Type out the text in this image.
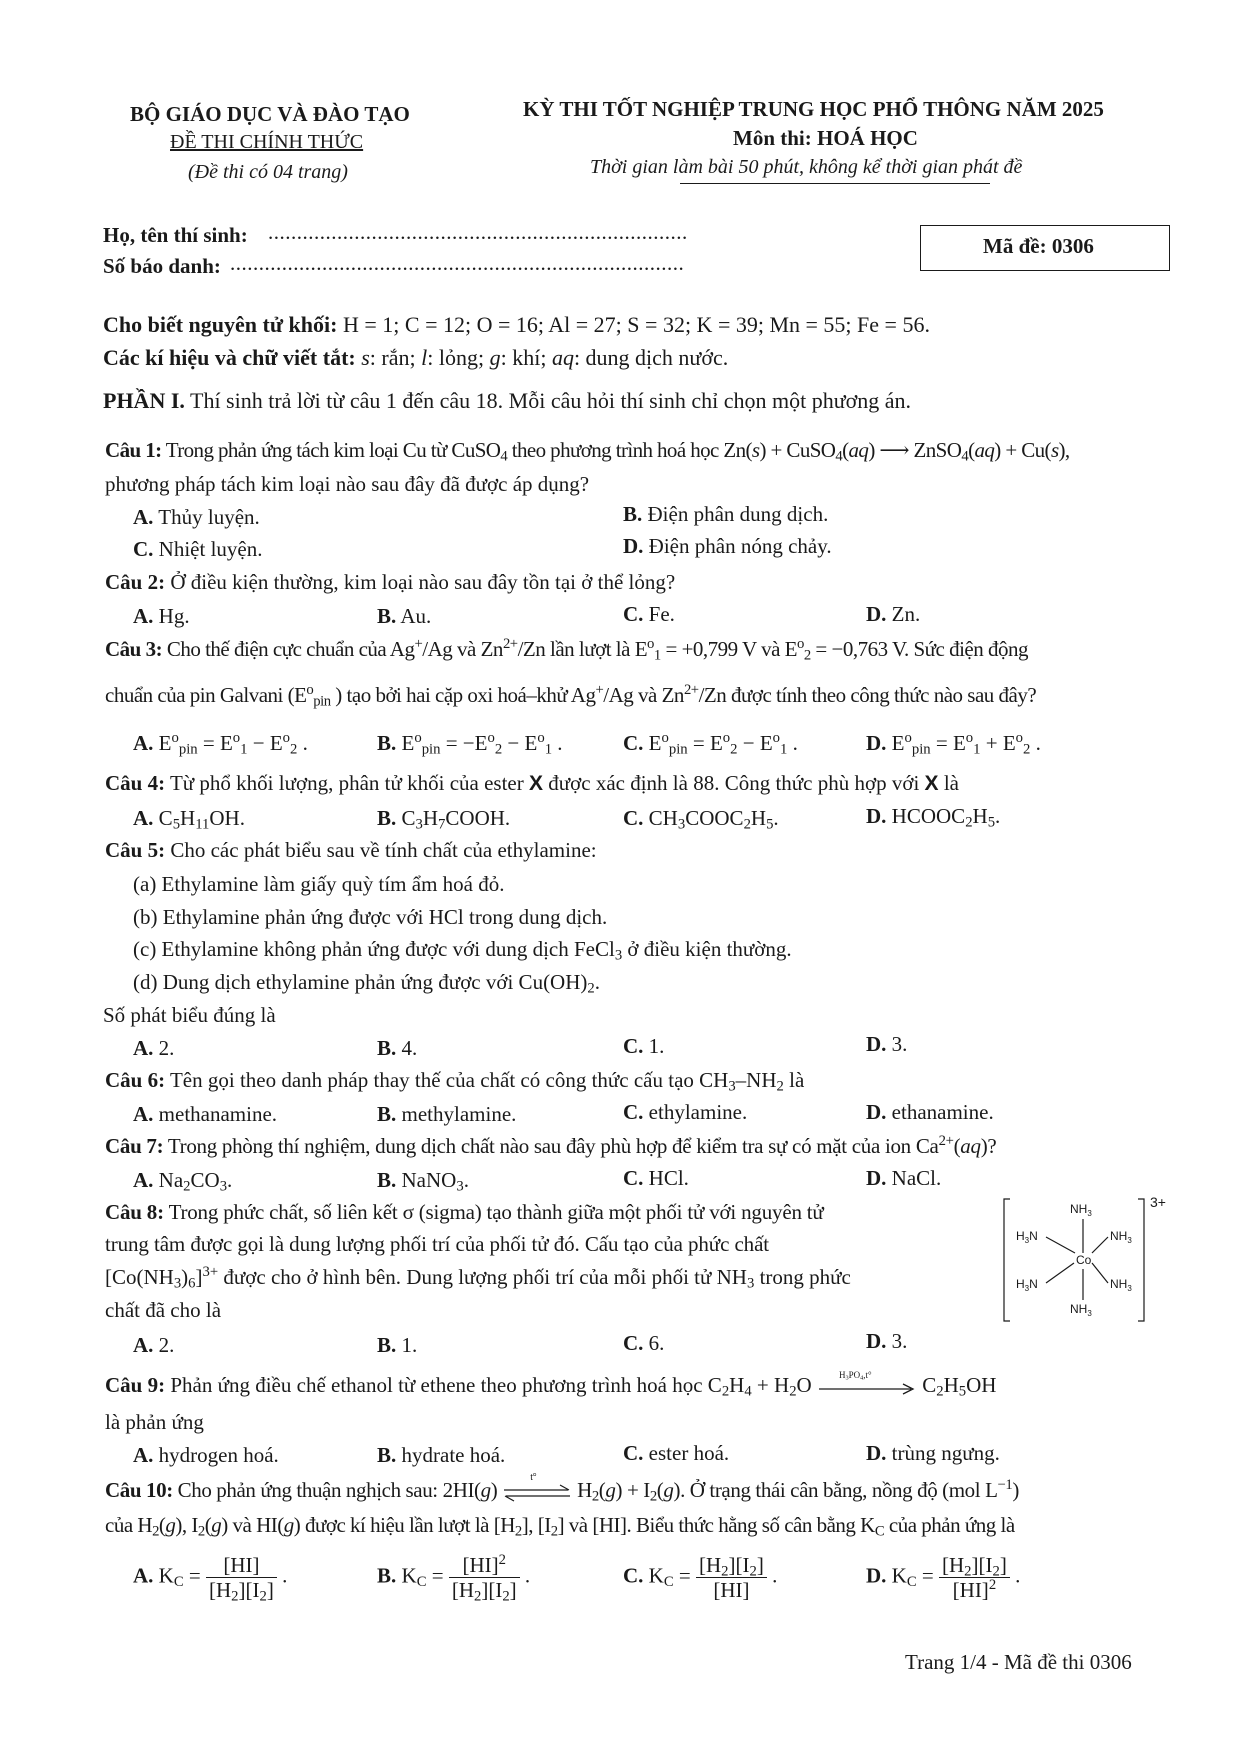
BỘ GIÁO DỤC VÀ ĐÀO TẠO
ĐỀ THI CHÍNH THỨC
(Đề thi có 04 trang)
KỲ THI TỐT NGHIỆP TRUNG HỌC PHỔ THÔNG NĂM 2025
Môn thi: HOÁ HỌC
Thời gian làm bài 50 phút, không kể thời gian phát đề
Họ, tên thí sinh: .........................................................................
Số báo danh: ...............................................................................
Mã đề: 0306
Cho biết nguyên tử khối: H = 1; C = 12; O = 16; Al = 27; S = 32; K = 39; Mn = 55; Fe = 56.
Các kí hiệu và chữ viết tắt: s: rắn; l: lỏng; g: khí; aq: dung dịch nước.
PHẦN I. Thí sinh trả lời từ câu 1 đến câu 18. Mỗi câu hỏi thí sinh chỉ chọn một phương án.
Câu 1: Trong phản ứng tách kim loại Cu từ CuSO$_4$ theo phương trình hoá học Zn(s) + CuSO$_4$(aq) ⟶ ZnSO$_4$(aq) + Cu(s),
phương pháp tách kim loại nào sau đây đã được áp dụng?
A. Thủy luyện.	B. Điện phân dung dịch.
C. Nhiệt luyện.	D. Điện phân nóng chảy.
Câu 2: Ở điều kiện thường, kim loại nào sau đây tồn tại ở thể lỏng?
A. Hg.	B. Au.	C. Fe.	D. Zn.
Câu 3: Cho thế điện cực chuẩn của Ag+/Ag và $Zn^{2+}/Zn$ lần lượt là $E^o_1 = +0,799$ V và $E^o_2 = -0,763$ V. Sức điện động
chuẩn của pin Galvani ($E^o_{pin}$ ) tạo bởi hai cặp oxi hoá–khử Ag+/Ag và $Zn^{2+}/Zn$ được tính theo công thức nào sau đây?
A. $E^o_{pin} = E^o_1 - E^o_2$ .	B. $E^o_{pin} = -E^o_2 - E^o_1$ .	C. $E^o_{pin} = E^o_2 - E^o_1$ .	D. $E^o_{pin} = E^o_1 + E^o_2$ .
Câu 4: Từ phổ khối lượng, phân tử khối của ester X được xác định là 88. Công thức phù hợp với X là
A. $C_5H_{11}OH$.	B. $C_3H_7COOH$.	C. $CH_3COOC_2H_5$.	D. $HCOOC_2H_5$.
Câu 5: Cho các phát biểu sau về tính chất của ethylamine:
(a) Ethylamine làm giấy quỳ tím ẩm hoá đỏ.
(b) Ethylamine phản ứng được với HCl trong dung dịch.
(c) Ethylamine không phản ứng được với dung dịch FeCl$_3$ ở điều kiện thường.
(d) Dung dịch ethylamine phản ứng được với $Cu(OH)_2$.
Số phát biểu đúng là
A. 2.	B. 4.	C. 1.	D. 3.
Câu 6: Tên gọi theo danh pháp thay thế của chất có công thức cấu tạo $CH_3-NH_2$ là
A. methanamine.	B. methylamine.	C. ethylamine.	D. ethanamine.
Câu 7: Trong phòng thí nghiệm, dung dịch chất nào sau đây phù hợp để kiểm tra sự có mặt của ion $Ca^{2+}(aq)$?
A. $Na_2CO_3$.	B. NaNO$_3$.	C. HCl.	D. NaCl.
Câu 8: Trong phức chất, số liên kết σ (sigma) tạo thành giữa một phối tử với nguyên tử
trung tâm được gọi là dung lượng phối trí của phối tử đó. Cấu tạo của phức chất
$[Co(NH_3)_6]^{3+}$ được cho ở hình bên. Dung lượng phối trí của mỗi phối tử $NH_3$ trong phức
chất đã cho là
$NH_3$
$H_3N$	$NH_3$
Co
$H_3N$	$NH_3$
$NH_3$
3+
A. 2.	B. 1.	C. 6.	D. 3.
Câu 9: Phản ứng điều chế ethanol từ ethene theo phương trình hoá học $C_2H_4 + H_2O$ $H_3PO_4,t^\circ$ $C_2H_5OH$
là phản ứng
A. hydrogen hoá.	B. hydrate hoá.	C. ester hoá.	D. trùng ngưng.
Câu 10: Cho phản ứng thuận nghịch sau: 2HI(g)
t°
$H_2(g) + I_2(g)$. Ở trạng thái cân bằng, nồng độ (mol $L^{-1}$)
của $H_2(g)$, $I_2(g)$ và HI(g) được kí hiệu lần lượt là $[H_2]$, $[I_2]$ và [HI]. Biểu thức hằng số cân bằng $K_C$ của phản ứng là
A. $K_C = \frac{[HI]}{[H_2][I_2]}$ .	B. $K_C = \frac{[HI]^2}{[H_2][I_2]}$ .	C. $K_C = \frac{[H_2][I_2]}{[HI]}$ .	D. $K_C = \frac{[H_2][I_2]}{[HI]^2}$ .
Trang 1/4 - Mã đề thi 0306
